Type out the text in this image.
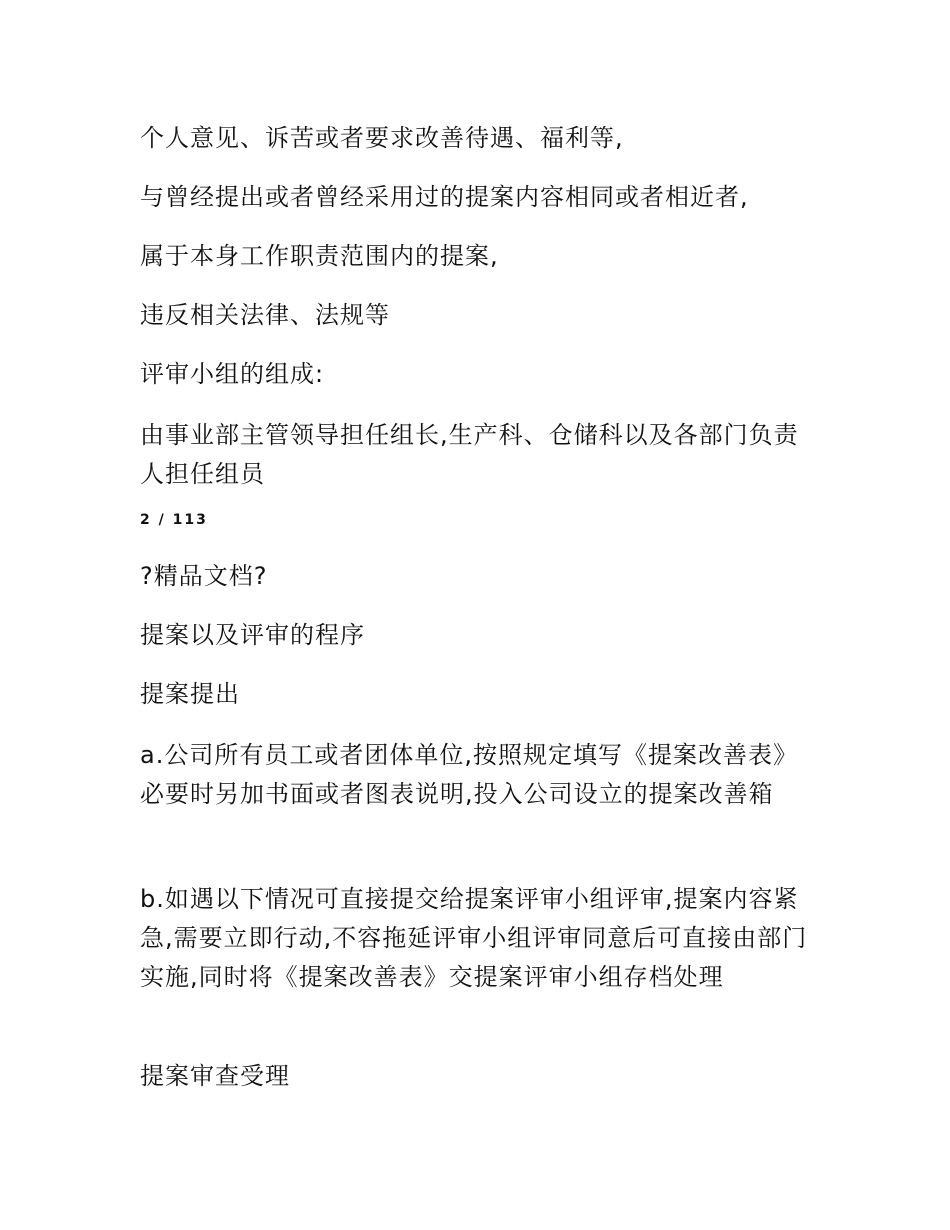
个人意见、诉苦或者要求改善待遇、福利等,

与曾经提出或者曾经采用过的提案内容相同或者相近者,

属于本身工作职责范围内的提案,

违反相关法律、法规等

评审小组的组成:

由事业部主管领导担任组长,生产科、仓储科以及各部门负责人担任组员

2 / 113

?精品文档?

提案以及评审的程序

提案提出

a.公司所有员工或者团体单位,按照规定填写《提案改善表》必要时另加书面或者图表说明,投入公司设立的提案改善箱

b.如遇以下情况可直接提交给提案评审小组评审,提案内容紧急,需要立即行动,不容拖延评审小组评审同意后可直接由部门实施,同时将《提案改善表》交提案评审小组存档处理

提案审查受理
